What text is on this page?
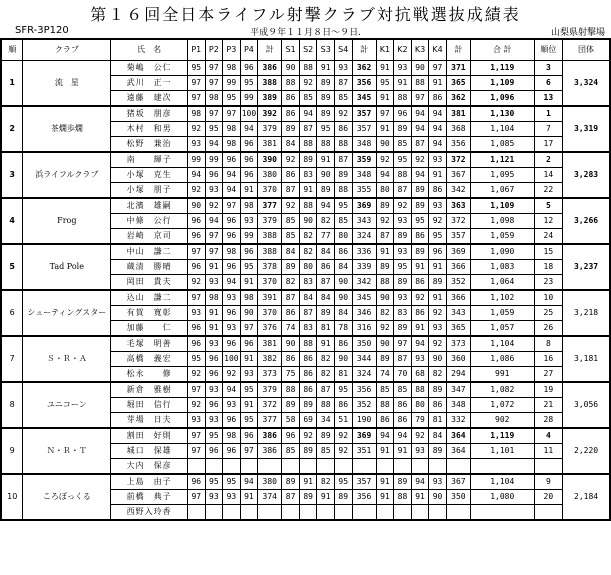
第１６回全日本ライフル射撃クラブ対抗戦選抜成績表
SFR-3P120	平成９年１１月８日～９日.	山梨県射撃場
順	クラブ	氏　名	P1	P2	P3	P4	計	S1	S2	S3	S4	計	K1	K2	K3	K4	計	合 計	順位	団体
1	流　星	菊嶋　公仁	95	97	98	96	386	90	88	91	93	362	91	93	90	97	371	1,119	3	3,324
		武川　正一	97	97	99	95	388	88	92	89	87	356	95	91	88	91	365	1,109	6	
		遠藤　建次	97	98	95	99	389	86	85	89	85	345	91	88	97	86	362	1,096	13	
2	茶燗歩燗	猪坂　朋彦	98	97	97	100	392	86	94	89	92	357	97	96	94	94	381	1,130	1	3,319
		木村　和男	92	95	98	94	379	89	87	95	86	357	91	89	94	94	368	1,104	7	
		松野　兼治	93	94	98	96	381	84	88	88	88	348	90	85	87	94	356	1,085	17	
3	浜ライフルクラブ	南　　輝子	99	99	96	96	390	92	89	91	87	359	92	95	92	93	372	1,121	2	3,283
		小塚　克生	94	96	94	96	380	86	83	90	89	348	94	88	94	91	367	1,095	14	
		小塚　朋子	92	93	94	91	370	87	91	89	88	355	80	87	89	86	342	1,067	22	
4	Frog	北濱　雄嗣	90	92	97	98	377	92	88	94	95	369	89	92	89	93	363	1,109	5	3,266
		中條　公行	96	94	96	93	379	85	90	82	85	343	92	93	95	92	372	1,098	12	
		岩崎　京司	96	97	96	99	388	85	82	77	80	324	87	89	86	95	357	1,059	24	
5	Tad Pole	中山　謙二	97	97	98	96	388	84	82	84	86	336	91	93	89	96	369	1,090	15	3,237
		蔵清　勝晴	96	91	96	95	378	89	80	86	84	339	89	95	91	91	366	1,083	18	
		岡田　貴夫	92	93	94	91	370	82	83	87	90	342	88	89	86	89	352	1,064	23	
6	シューティングスター	込山　謙二	97	98	93	98	391	87	84	84	90	345	90	93	92	91	366	1,102	10	3,218
		有賀　寛彰	93	91	96	90	370	86	87	89	84	346	82	83	86	92	343	1,059	25	
		加藤　　仁	96	91	93	97	376	74	83	81	78	316	92	89	91	93	365	1,057	26	
7	Ｓ・Ｒ・Ａ	毛塚　明善	96	93	96	96	381	90	88	91	86	350	90	97	94	92	373	1,104	8	3,181
		高橋　義宏	95	96	100	91	382	86	86	82	90	344	89	87	93	90	360	1,086	16	
		松永　　修	92	96	92	93	373	75	86	82	81	324	74	70	68	82	294	991	27	
8	ユニコーン	新倉　雅樹	97	93	94	95	379	88	86	87	95	356	85	85	88	89	347	1,082	19	3,056
		堀田　信行	92	96	93	91	372	89	89	88	86	352	88	86	80	86	348	1,072	21	
		芽場　日夫	93	93	96	95	377	58	69	34	51	190	86	86	79	81	332	902	28	
9	Ｎ・Ｒ・Ｔ	割田　好則	97	95	98	96	386	96	92	89	92	369	94	94	92	84	364	1,119	4	2,220
		城口　保雄	97	96	96	97	386	85	89	85	92	351	91	91	93	89	364	1,101	11	
		大内　保彦																		
10	ころぼっくる	上島　由子	96	95	95	94	380	89	91	82	95	357	91	89	94	93	367	1,104	9	2,184
		前橋　典子	97	93	93	91	374	87	89	91	89	356	91	88	91	90	350	1,080	20	
		西野入玲香																		
